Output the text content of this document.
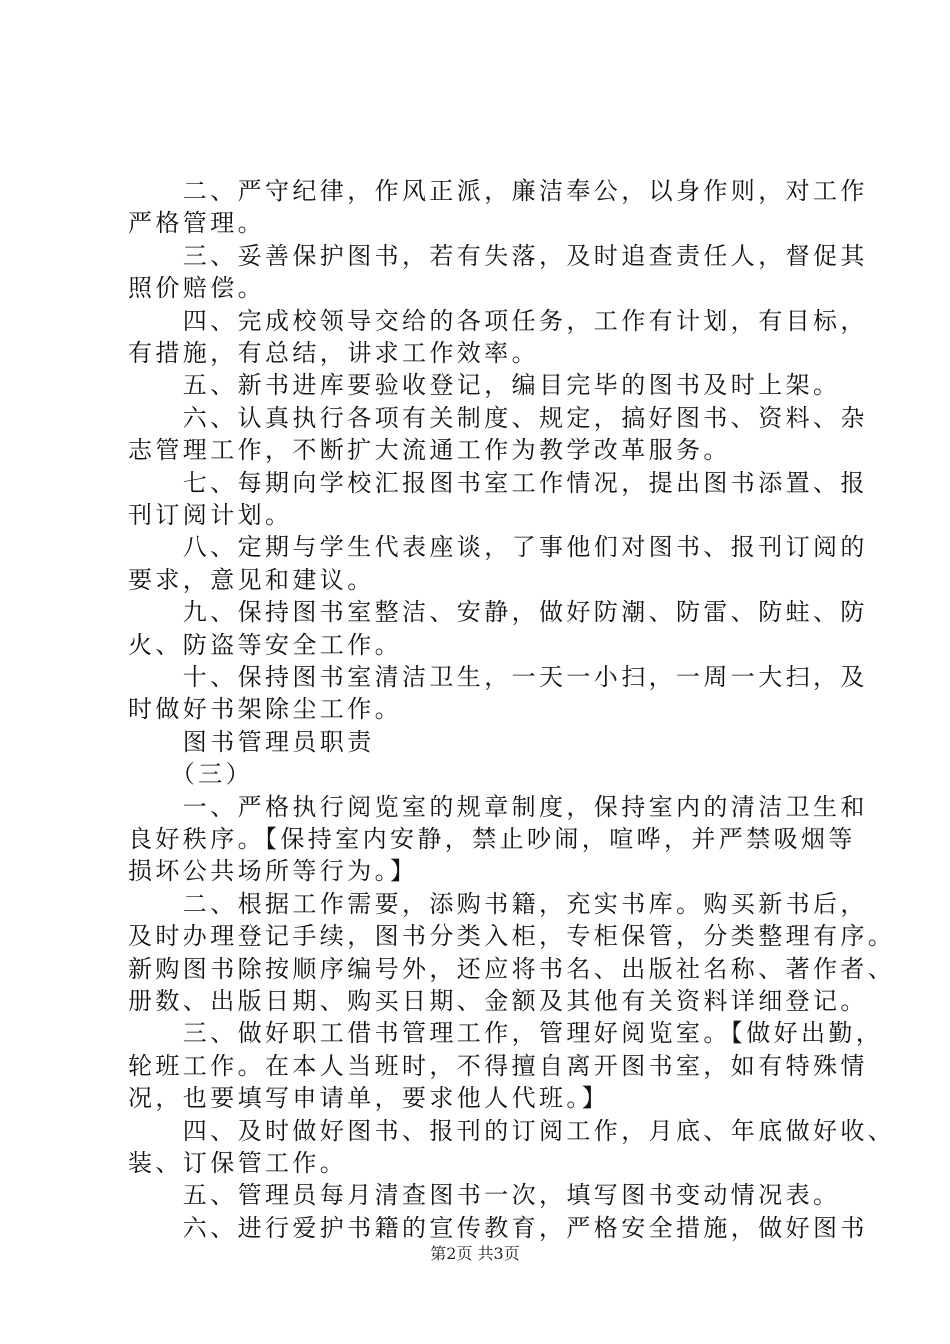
　　二、严守纪律，作风正派，廉洁奉公，以身作则，对工作
严格管理。
　　三、妥善保护图书，若有失落，及时追查责任人，督促其
照价赔偿。
　　四、完成校领导交给的各项任务，工作有计划，有目标，
有措施，有总结，讲求工作效率。
　　五、新书进库要验收登记，编目完毕的图书及时上架。
　　六、认真执行各项有关制度、规定，搞好图书、资料、杂
志管理工作，不断扩大流通工作为教学改革服务。
　　七、每期向学校汇报图书室工作情况，提出图书添置、报
刊订阅计划。
　　八、定期与学生代表座谈，了事他们对图书、报刊订阅的
要求，意见和建议。
　　九、保持图书室整洁、安静，做好防潮、防雷、防蛀、防
火、防盗等安全工作。
　　十、保持图书室清洁卫生，一天一小扫，一周一大扫，及
时做好书架除尘工作。
　　图书管理员职责
　　（三）
　　一、严格执行阅览室的规章制度，保持室内的清洁卫生和
良好秩序。【保持室内安静，禁止吵闹，喧哗，并严禁吸烟等
损坏公共场所等行为。】
　　二、根据工作需要，添购书籍，充实书库。购买新书后，
及时办理登记手续，图书分类入柜，专柜保管，分类整理有序。
新购图书除按顺序编号外，还应将书名、出版社名称、著作者、
册数、出版日期、购买日期、金额及其他有关资料详细登记。
　　三、做好职工借书管理工作，管理好阅览室。【做好出勤，
轮班工作。在本人当班时，不得擅自离开图书室，如有特殊情
况，也要填写申请单，要求他人代班。】
　　四、及时做好图书、报刊的订阅工作，月底、年底做好收、
装、订保管工作。
　　五、管理员每月清查图书一次，填写图书变动情况表。
　　六、进行爱护书籍的宣传教育，严格安全措施，做好图书
第2页 共3页
